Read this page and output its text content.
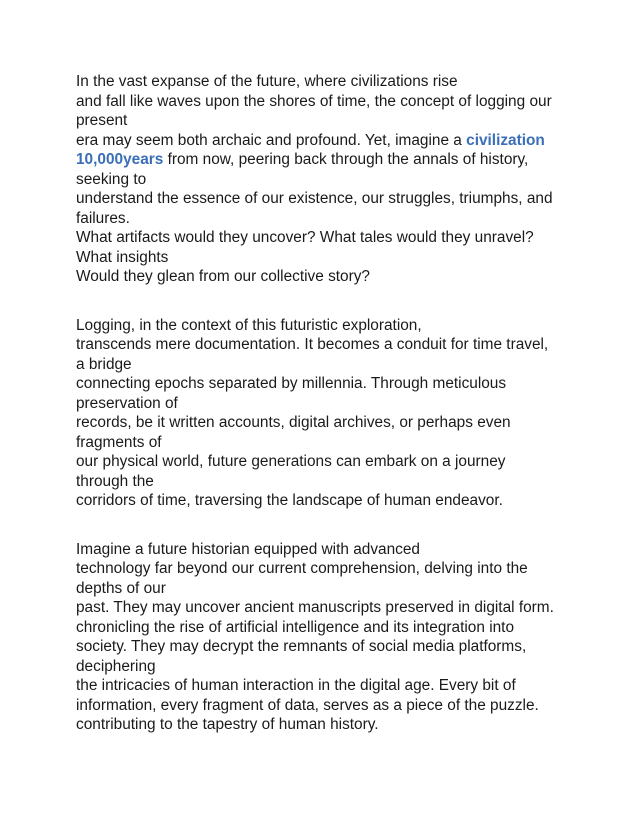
In the vast expanse of the future, where civilizations rise
and fall like waves upon the shores of time, the concept of logging our
present
era may seem both archaic and profound. Yet, imagine a civilization
10,000years from now, peering back through the annals of history,
seeking to
understand the essence of our existence, our struggles, triumphs, and
failures.
What artifacts would they uncover? What tales would they unravel?
What insights
Would they glean from our collective story?
Logging, in the context of this futuristic exploration,
transcends mere documentation. It becomes a conduit for time travel,
a bridge
connecting epochs separated by millennia. Through meticulous
preservation of
records, be it written accounts, digital archives, or perhaps even
fragments of
our physical world, future generations can embark on a journey
through the
corridors of time, traversing the landscape of human endeavor.
Imagine a future historian equipped with advanced
technology far beyond our current comprehension, delving into the
depths of our
past. They may uncover ancient manuscripts preserved in digital form.
chronicling the rise of artificial intelligence and its integration into
society. They may decrypt the remnants of social media platforms,
deciphering
the intricacies of human interaction in the digital age. Every bit of
information, every fragment of data, serves as a piece of the puzzle.
contributing to the tapestry of human history.
